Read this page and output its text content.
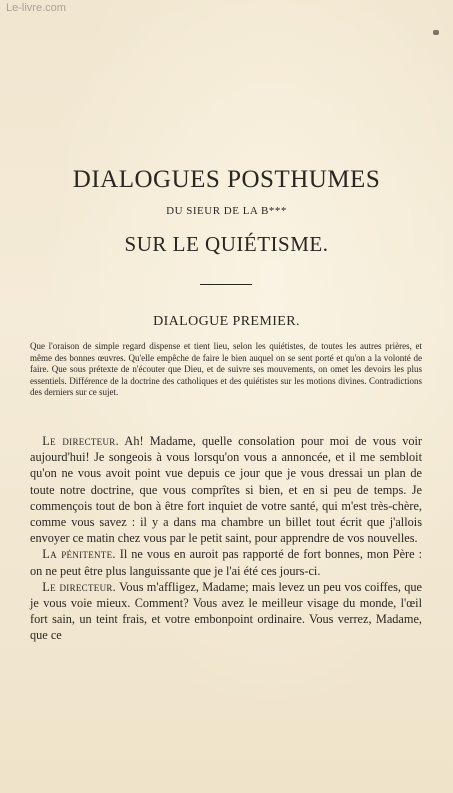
Le-livre.com
DIALOGUES POSTHUMES
DU SIEUR DE LA B***
SUR LE QUIÉTISME.
DIALOGUE PREMIER.
Que l'oraison de simple regard dispense et tient lieu, selon les quiétistes, de toutes les autres prières, et même des bonnes œuvres. Qu'elle empêche de faire le bien auquel on se sent porté et qu'on a la volonté de faire. Que sous prétexte de n'écouter que Dieu, et de suivre ses mouvements, on omet les devoirs les plus essentiels. Différence de la doctrine des catholiques et des quiétistes sur les motions divines. Contradictions des derniers sur ce sujet.

 Le directeur. Ah! Madame, quelle consolation pour moi de vous voir aujourd'hui! Je songeois à vous lorsqu'on vous a annoncée, et il me sembloit qu'on ne vous avoit point vue depuis ce jour que je vous dressai un plan de toute notre doctrine, que vous comprîtes si bien, et en si peu de temps. Je commençois tout de bon à être fort inquiet de votre santé, qui m'est très-chère, comme vous savez : il y a dans ma chambre un billet tout écrit que j'allois envoyer ce matin chez vous par le petit saint, pour apprendre de vos nouvelles.

 La pénitente. Il ne vous en auroit pas rapporté de fort bonnes, mon Père : on ne peut être plus languissante que je l'ai été ces jours-ci.

 Le directeur. Vous m'affligez, Madame; mais levez un peu vos coiffes, que je vous voie mieux. Comment? Vous avez le meilleur visage du monde, l'œil fort sain, un teint frais, et votre embonpoint ordinaire. Vous verrez, Madame, que ce
